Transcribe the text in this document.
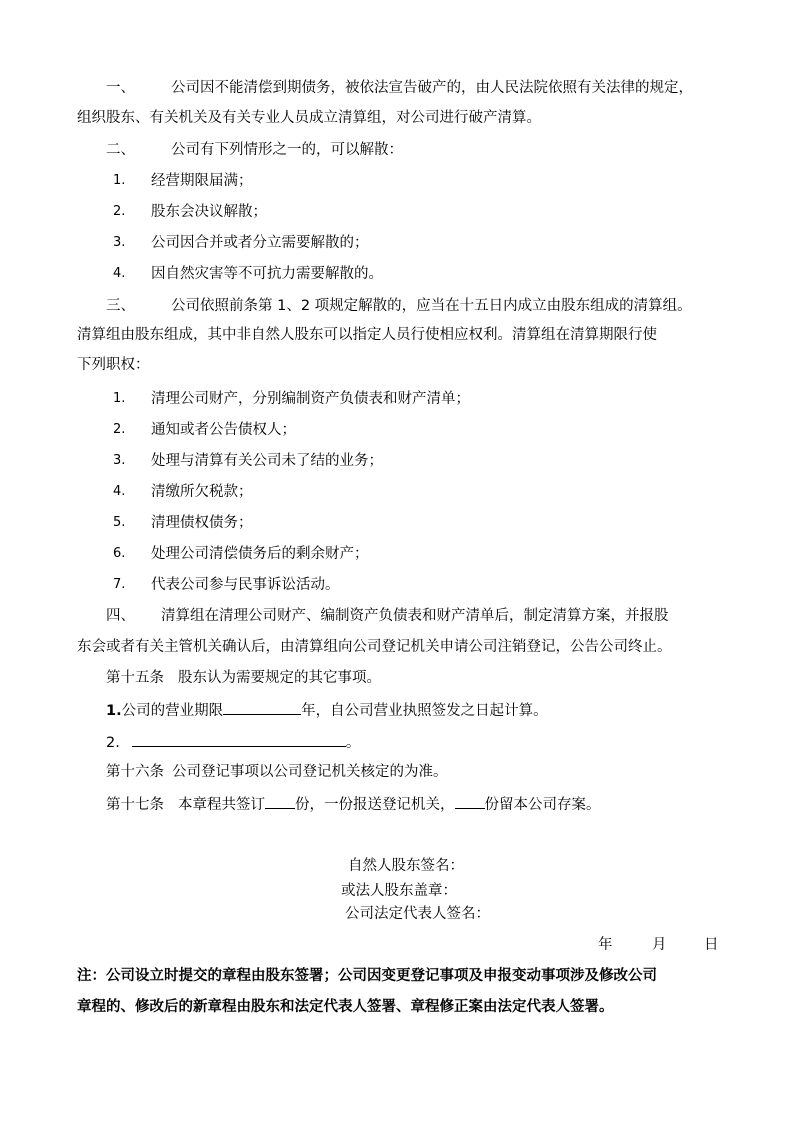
一、 公司因不能清偿到期债务，被依法宣告破产的，由人民法院依照有关法律的规定，
组织股东、有关机关及有关专业人员成立清算组，对公司进行破产清算。
二、 公司有下列情形之一的，可以解散：
1. 经营期限届满；
2. 股东会决议解散；
3. 公司因合并或者分立需要解散的；
4. 因自然灾害等不可抗力需要解散的。
三、 公司依照前条第 1、2 项规定解散的，应当在十五日内成立由股东组成的清算组。
清算组由股东组成，其中非自然人股东可以指定人员行使相应权利。清算组在清算期限行使
下列职权：
1. 清理公司财产，分别编制资产负债表和财产清单；
2. 通知或者公告债权人；
3. 处理与清算有关公司未了结的业务；
4. 清缴所欠税款；
5. 清理债权债务；
6. 处理公司清偿债务后的剩余财产；
7. 代表公司参与民事诉讼活动。
四、 清算组在清理公司财产、编制资产负债表和财产清单后，制定清算方案，并报股
东会或者有关主管机关确认后，由清算组向公司登记机关申请公司注销登记，公告公司终止。
第十五条 股东认为需要规定的其它事项。
1.公司的营业期限	年，自公司营业执照签发之日起计算。
2.	。
第十六条 公司登记事项以公司登记机关核定的为准。
第十七条 本章程共签订 份，一份报送登记机关， 份留本公司存案。
自然人股东签名：
或法人股东盖章：
公司法定代表人签名：
年	月	日
注：公司设立时提交的章程由股东签署；公司因变更登记事项及申报变动事项涉及修改公司
章程的、修改后的新章程由股东和法定代表人签署、章程修正案由法定代表人签署。
